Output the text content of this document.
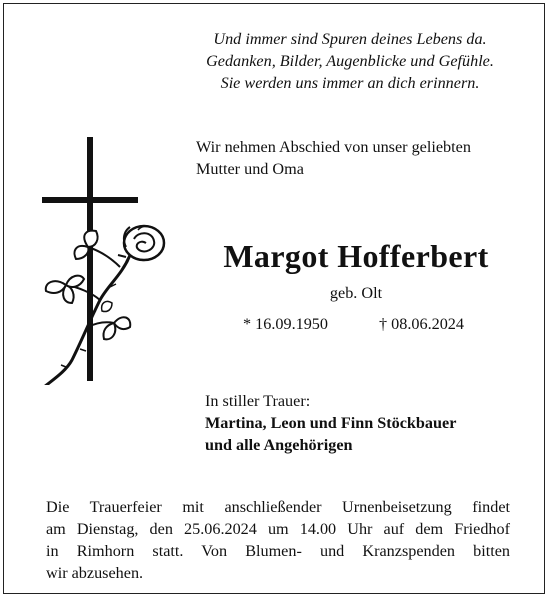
Und immer sind Spuren deines Lebens da.
Gedanken, Bilder, Augenblicke und Gefühle.
Sie werden uns immer an dich erinnern.
Wir nehmen Abschied von unser geliebten
Mutter und Oma
Margot Hofferbert
geb. Olt
* 16.09.1950	† 08.06.2024
In stiller Trauer:
Martina, Leon und Finn Stöckbauer
und alle Angehörigen
Die Trauerfeier mit anschließender Urnenbeisetzung findet
am Dienstag, den 25.06.2024 um 14.00 Uhr auf dem Friedhof
in Rimhorn statt. Von Blumen- und Kranzspenden bitten
wir abzusehen.
